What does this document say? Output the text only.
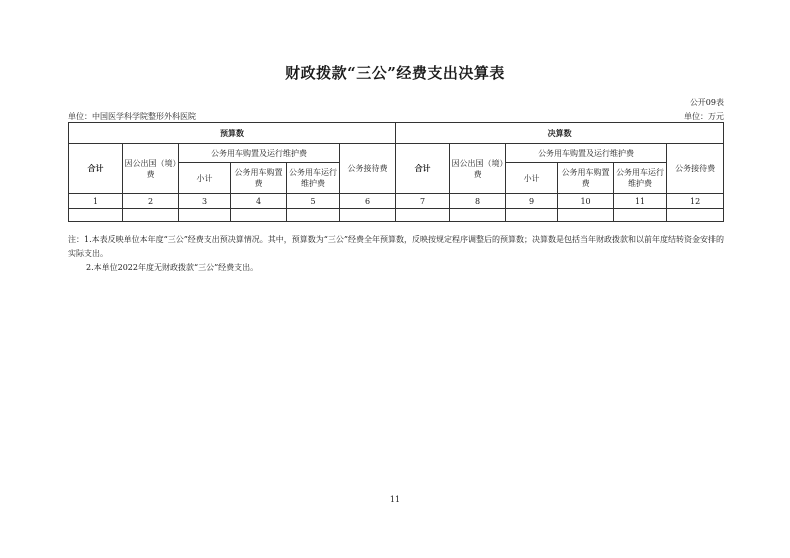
财政拨款“三公”经费支出决算表
公开09表
单位：中国医学科学院整形外科医院	单位：万元
预算数						决算数					
合计	因公出国（境）费	公务用车购置及运行维护费			公务接待费	合计	因公出国（境）费	公务用车购置及运行维护费			公务接待费
		小计	公务用车购置费	公务用车运行维护费				小计	公务用车购置费	公务用车运行维护费	
1	2	3	4	5	6	7	8	9	10	11	12

注：1.本表反映单位本年度“三公”经费支出预决算情况。其中，预算数为“三公”经费全年预算数，反映按规定程序调整后的预算数；决算数是包括当年财政拨款和以前年度结转资金安排的实际支出。

2.本单位2022年度无财政拨款“三公”经费支出。

11
